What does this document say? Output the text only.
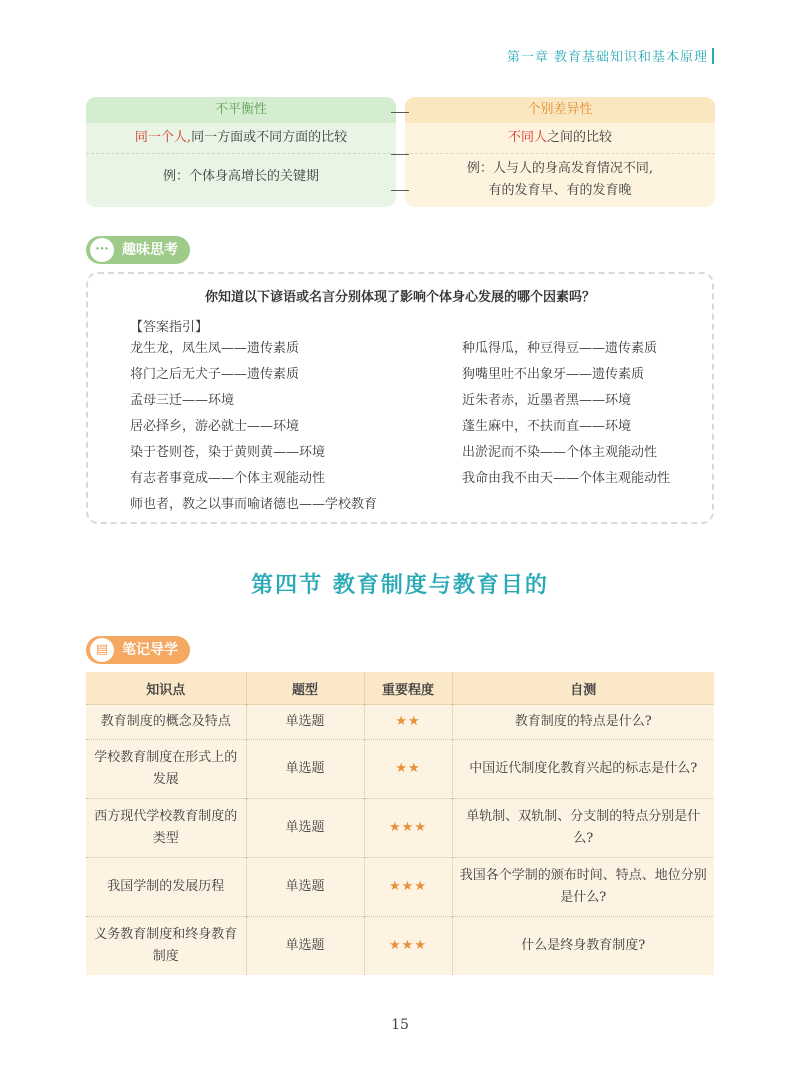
第一章 教育基础知识和基本原理
不平衡性
同一个人,同一方面或不同方面的比较
例：个体身高增长的关键期
个别差异性
不同人之间的比较
例：人与人的身高发育情况不同,
有的发育早、有的发育晚
··· 趣味思考
你知道以下谚语或名言分别体现了影响个体身心发展的哪个因素吗？
【答案指引】
龙生龙，凤生凤——遗传素质
将门之后无犬子——遗传素质
孟母三迁——环境
居必择乡，游必就士——环境
染于苍则苍，染于黄则黄——环境
有志者事竟成——个体主观能动性
师也者，教之以事而喻诸德也——学校教育
种瓜得瓜，种豆得豆——遗传素质
狗嘴里吐不出象牙——遗传素质
近朱者赤，近墨者黑——环境
蓬生麻中，不扶而直——环境
出淤泥而不染——个体主观能动性
我命由我不由天——个体主观能动性
第四节 教育制度与教育目的
▤ 笔记导学
知识点	题型	重要程度	自测
教育制度的概念及特点	单选题	★★	教育制度的特点是什么?
学校教育制度在形式上的发展	单选题	★★	中国近代制度化教育兴起的标志是什么?
西方现代学校教育制度的类型	单选题	★★★	单轨制、双轨制、分支制的特点分别是什么?
我国学制的发展历程	单选题	★★★	我国各个学制的颁布时间、特点、地位分别是什么?
义务教育制度和终身教育制度	单选题	★★★	什么是终身教育制度?
15
